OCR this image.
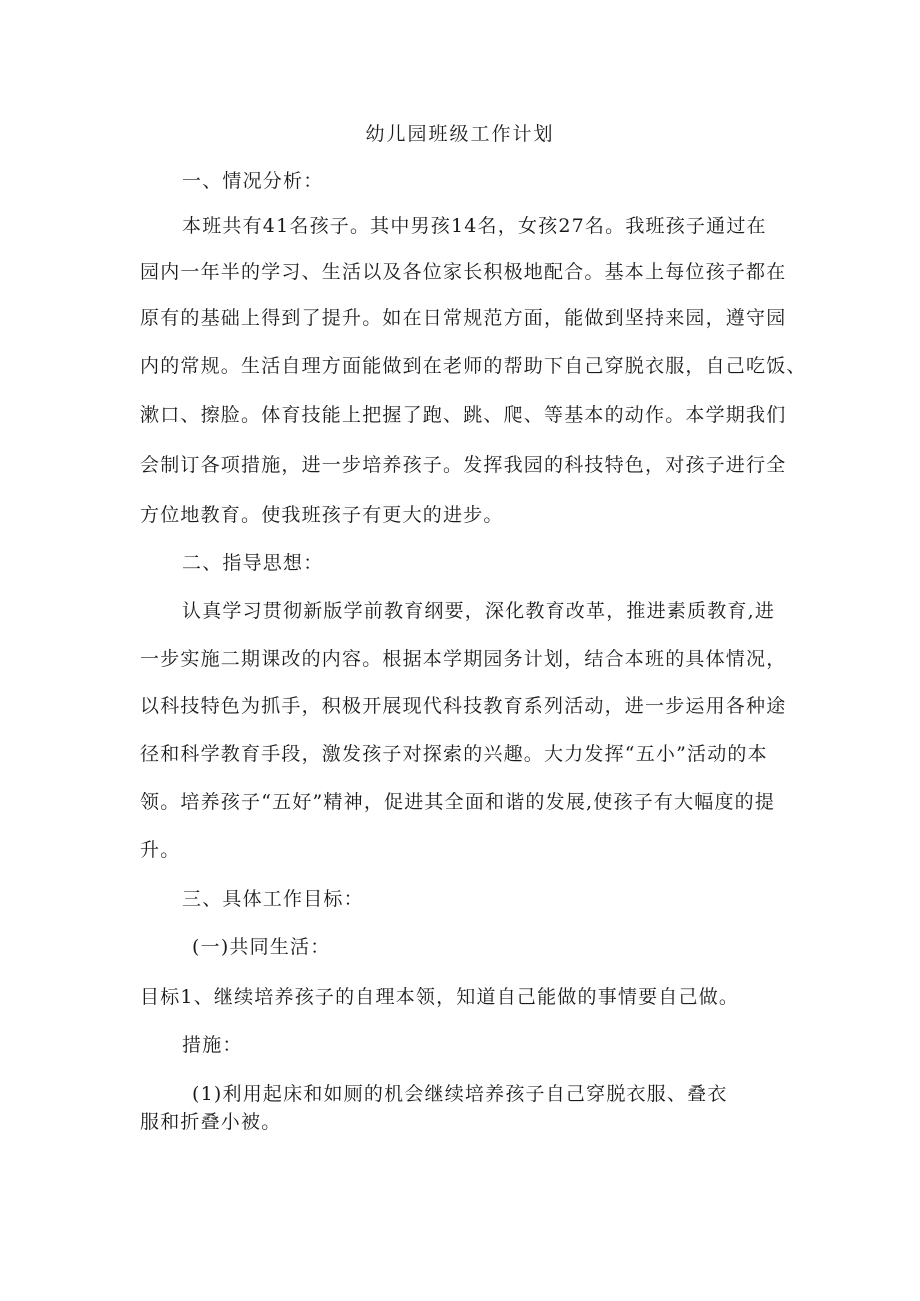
幼儿园班级工作计划
一、情况分析：
本班共有41名孩子。其中男孩14名，女孩27名。我班孩子通过在
园内一年半的学习、生活以及各位家长积极地配合。基本上每位孩子都在
原有的基础上得到了提升。如在日常规范方面，能做到坚持来园，遵守园
内的常规。生活自理方面能做到在老师的帮助下自己穿脱衣服，自己吃饭、
漱口、擦脸。体育技能上把握了跑、跳、爬、等基本的动作。本学期我们
会制订各项措施，进一步培养孩子。发挥我园的科技特色，对孩子进行全
方位地教育。使我班孩子有更大的进步。
二、指导思想：
认真学习贯彻新版学前教育纲要，深化教育改革，推进素质教育,进
一步实施二期课改的内容。根据本学期园务计划，结合本班的具体情况，
以科技特色为抓手，积极开展现代科技教育系列活动，进一步运用各种途
径和科学教育手段，激发孩子对探索的兴趣。大力发挥“五小”活动的本
领。培养孩子“五好”精神，促进其全面和谐的发展,使孩子有大幅度的提
升。
三、具体工作目标：
(一)共同生活：
目标1、继续培养孩子的自理本领，知道自己能做的事情要自己做。
措施：
(1)利用起床和如厕的机会继续培养孩子自己穿脱衣服、叠衣
服和折叠小被。
